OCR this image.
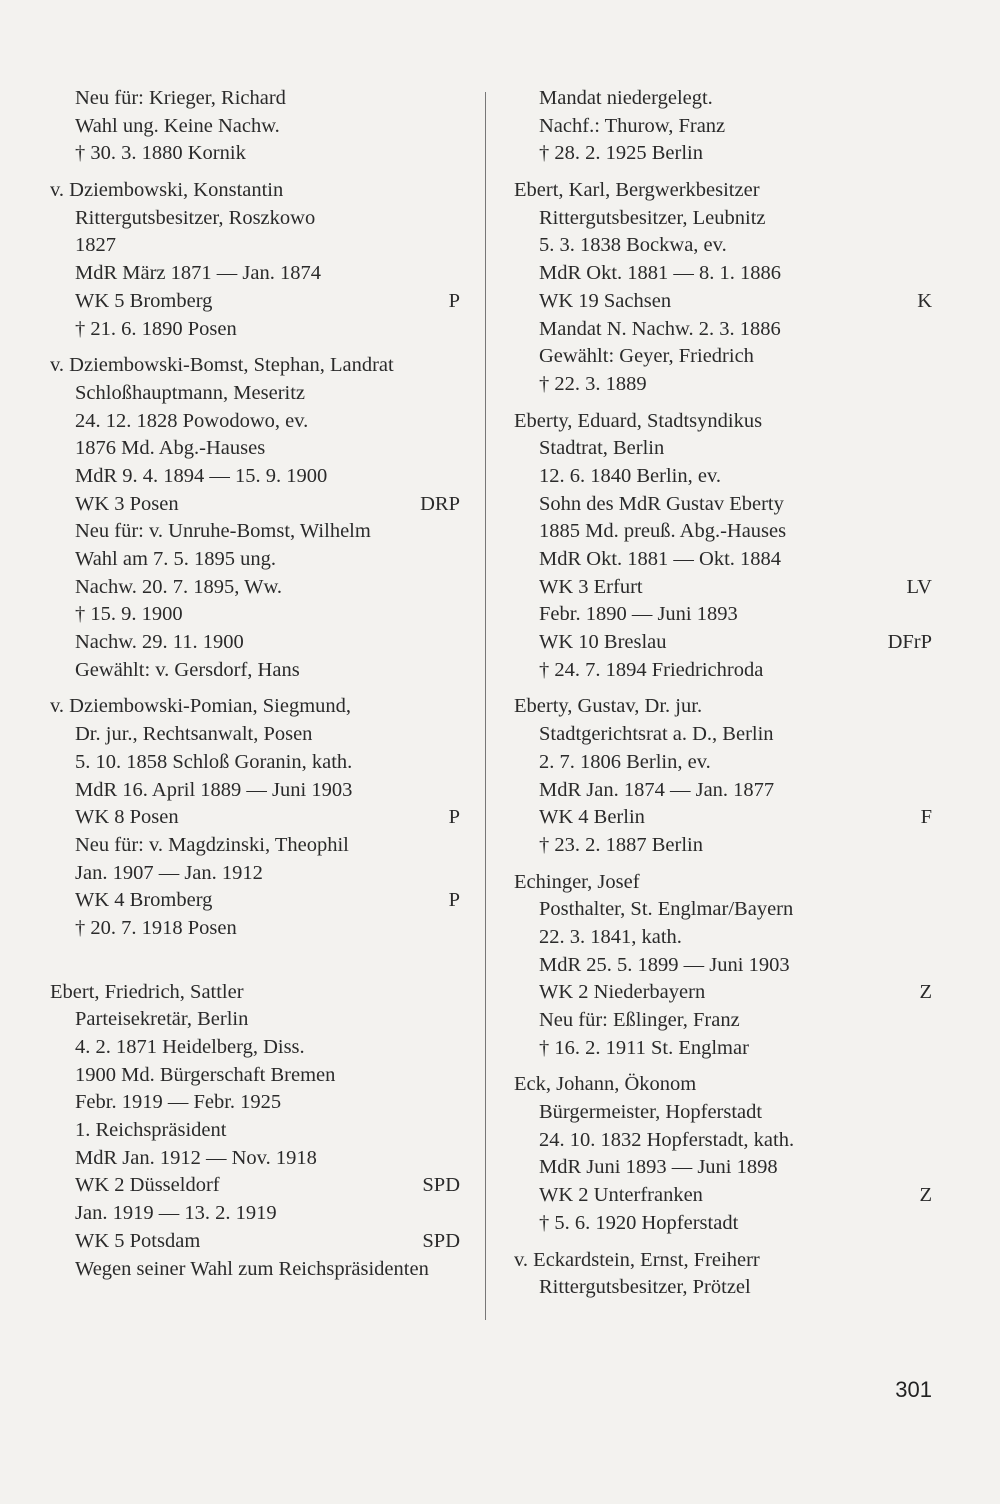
Neu für: Krieger, Richard
Wahl ung. Keine Nachw.
† 30. 3. 1880 Kornik
v. Dziembowski, Konstantin
Rittergutsbesitzer, Roszkowo
1827
MdR März 1871 — Jan. 1874
WK 5 Bromberg	P
† 21. 6. 1890 Posen
v. Dziembowski-Bomst, Stephan, Landrat
Schloßhauptmann, Meseritz
24. 12. 1828 Powodowo, ev.
1876 Md. Abg.-Hauses
MdR 9. 4. 1894 — 15. 9. 1900
WK 3 Posen	DRP
Neu für: v. Unruhe-Bomst, Wilhelm
Wahl am 7. 5. 1895 ung.
Nachw. 20. 7. 1895, Ww.
† 15. 9. 1900
Nachw. 29. 11. 1900
Gewählt: v. Gersdorf, Hans
v. Dziembowski-Pomian, Siegmund,
Dr. jur., Rechtsanwalt, Posen
5. 10. 1858 Schloß Goranin, kath.
MdR 16. April 1889 — Juni 1903
WK 8 Posen	P
Neu für: v. Magdzinski, Theophil
Jan. 1907 — Jan. 1912
WK 4 Bromberg	P
† 20. 7. 1918 Posen
Ebert, Friedrich, Sattler
Parteisekretär, Berlin
4. 2. 1871 Heidelberg, Diss.
1900 Md. Bürgerschaft Bremen
Febr. 1919 — Febr. 1925
1. Reichspräsident
MdR Jan. 1912 — Nov. 1918
WK 2 Düsseldorf	SPD
Jan. 1919 — 13. 2. 1919
WK 5 Potsdam	SPD
Wegen seiner Wahl zum Reichspräsidenten
Mandat niedergelegt.
Nachf.: Thurow, Franz
† 28. 2. 1925 Berlin
Ebert, Karl, Bergwerkbesitzer
Rittergutsbesitzer, Leubnitz
5. 3. 1838 Bockwa, ev.
MdR Okt. 1881 — 8. 1. 1886
WK 19 Sachsen	K
Mandat N. Nachw. 2. 3. 1886
Gewählt: Geyer, Friedrich
† 22. 3. 1889
Eberty, Eduard, Stadtsyndikus
Stadtrat, Berlin
12. 6. 1840 Berlin, ev.
Sohn des MdR Gustav Eberty
1885 Md. preuß. Abg.-Hauses
MdR Okt. 1881 — Okt. 1884
WK 3 Erfurt	LV
Febr. 1890 — Juni 1893
WK 10 Breslau	DFrP
† 24. 7. 1894 Friedrichroda
Eberty, Gustav, Dr. jur.
Stadtgerichtsrat a. D., Berlin
2. 7. 1806 Berlin, ev.
MdR Jan. 1874 — Jan. 1877
WK 4 Berlin	F
† 23. 2. 1887 Berlin
Echinger, Josef
Posthalter, St. Englmar/Bayern
22. 3. 1841, kath.
MdR 25. 5. 1899 — Juni 1903
WK 2 Niederbayern	Z
Neu für: Eßlinger, Franz
† 16. 2. 1911 St. Englmar
Eck, Johann, Ökonom
Bürgermeister, Hopferstadt
24. 10. 1832 Hopferstadt, kath.
MdR Juni 1893 — Juni 1898
WK 2 Unterfranken	Z
† 5. 6. 1920 Hopferstadt
v. Eckardstein, Ernst, Freiherr
Rittergutsbesitzer, Prötzel
301
